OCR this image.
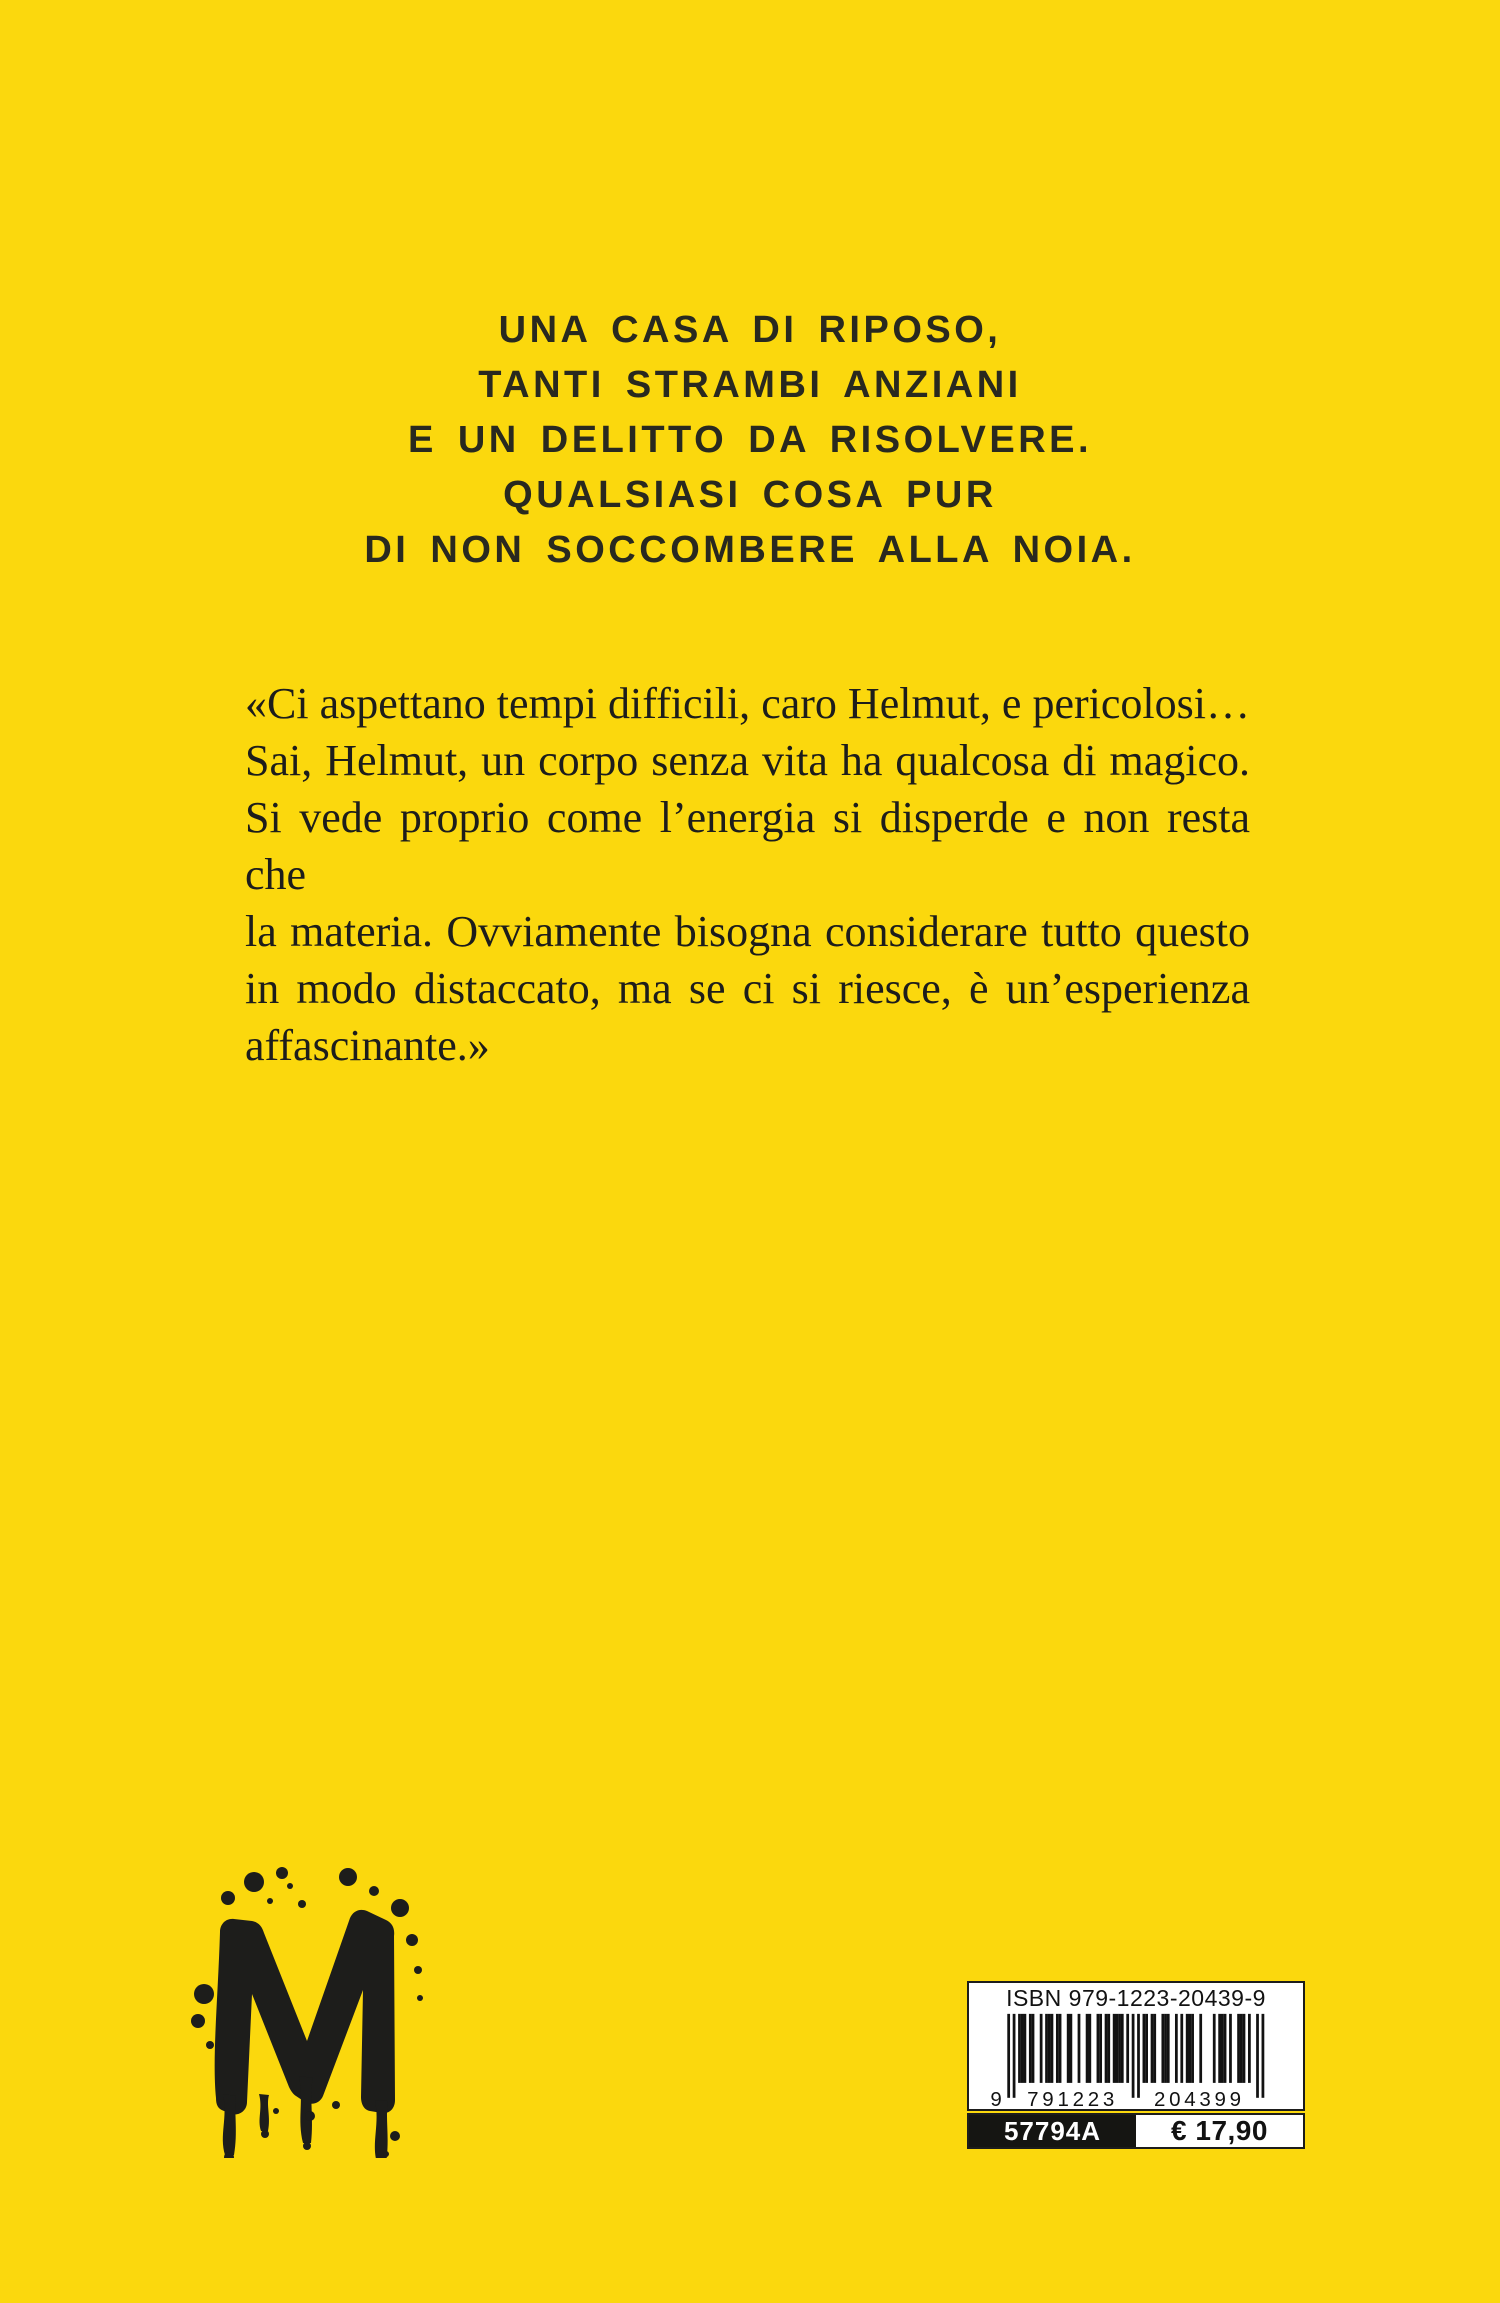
UNA CASA DI RIPOSO,
TANTI STRAMBI ANZIANI
E UN DELITTO DA RISOLVERE.
QUALSIASI COSA PUR
DI NON SOCCOMBERE ALLA NOIA.
«Ci aspettano tempi difficili, caro Helmut, e pericolosi…
Sai, Helmut, un corpo senza vita ha qualcosa di magico.
Si vede proprio come l’energia si disperde e non resta che
la materia. Ovviamente bisogna considerare tutto questo
in modo distaccato, ma se ci si riesce, è un’esperienza
affascinante.»
ISBN 979-1223-20439-9
9 791223 204399
57794A	€ 17,90
